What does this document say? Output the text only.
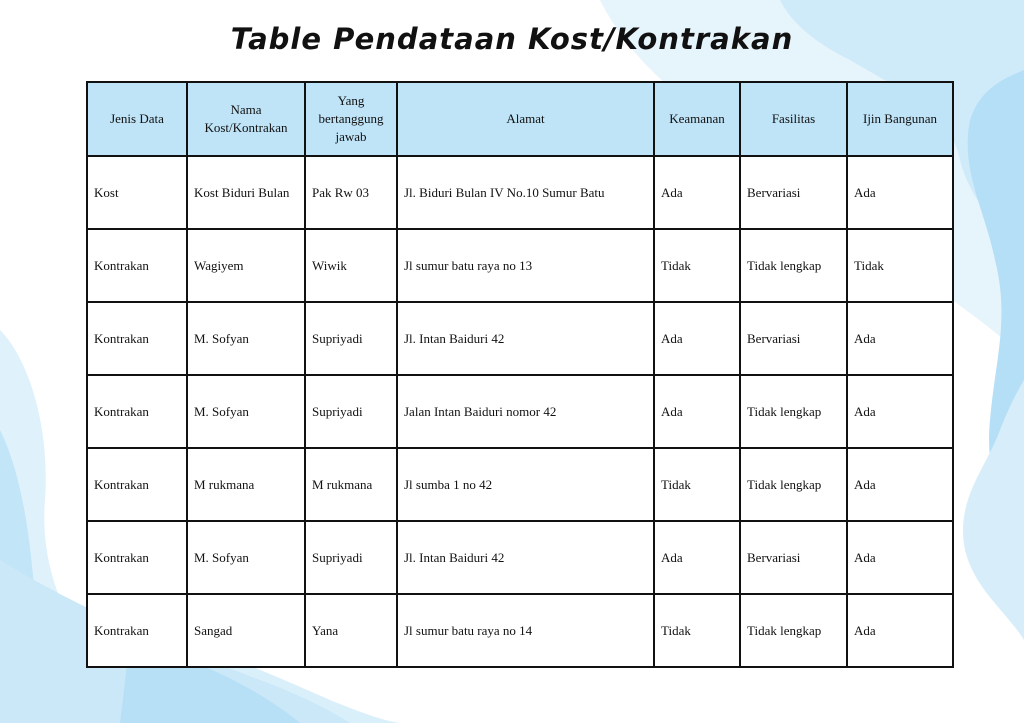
Table Pendataan Kost/Kontrakan
Jenis Data	Nama Kost/Kontrakan	Yang bertanggung jawab	Alamat	Keamanan	Fasilitas	Ijin Bangunan
Kost	Kost Biduri Bulan	Pak Rw 03	Jl. Biduri Bulan IV No.10 Sumur Batu	Ada	Bervariasi	Ada
Kontrakan	Wagiyem	Wiwik	Jl sumur batu raya no 13	Tidak	Tidak lengkap	Tidak
Kontrakan	M. Sofyan	Supriyadi	Jl. Intan Baiduri 42	Ada	Bervariasi	Ada
Kontrakan	M. Sofyan	Supriyadi	Jalan Intan Baiduri nomor 42	Ada	Tidak lengkap	Ada
Kontrakan	M rukmana	M rukmana	Jl sumba 1 no 42	Tidak	Tidak lengkap	Ada
Kontrakan	M. Sofyan	Supriyadi	Jl. Intan Baiduri 42	Ada	Bervariasi	Ada
Kontrakan	Sangad	Yana	Jl sumur batu raya no 14	Tidak	Tidak lengkap	Ada
